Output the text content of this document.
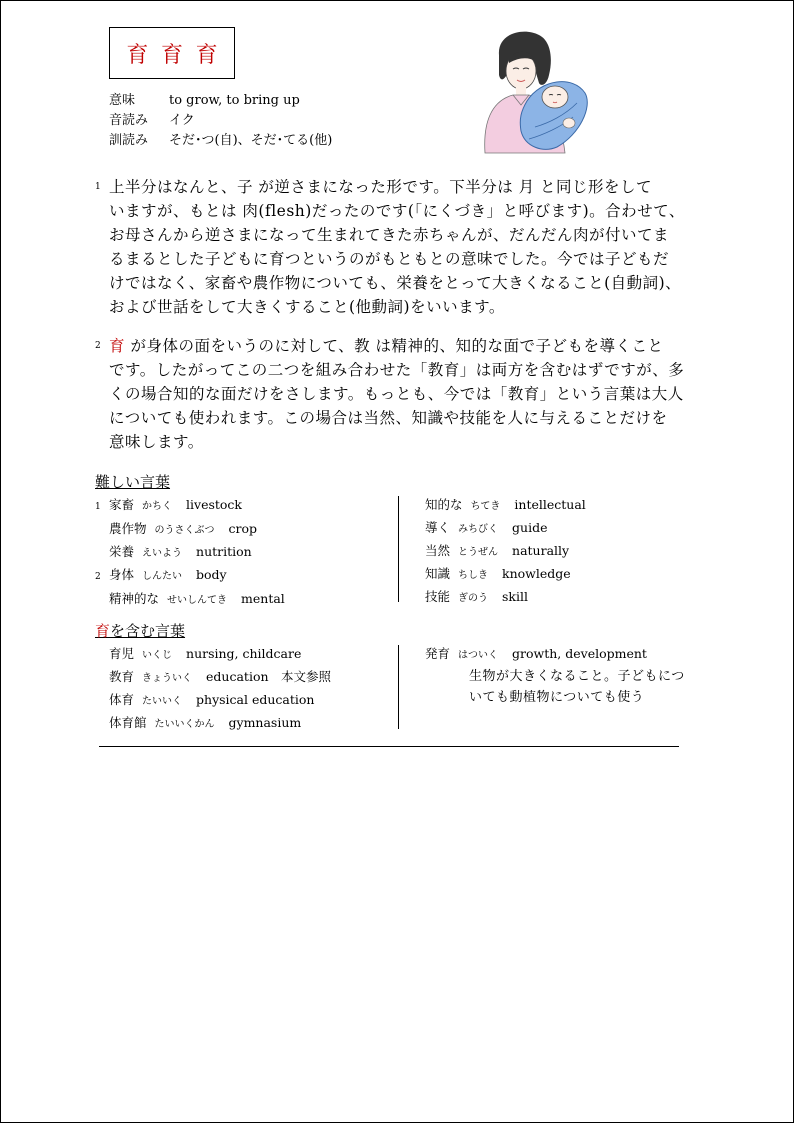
育 育 育
意味	to grow, to bring up
音読み	イク
訓読み	そだ･つ(自)、そだ･てる(他)
1 上半分はなんと、子 が逆さまになった形です。下半分は 月 と同じ形をして
いますが、もとは 肉(flesh)だったのです(「にくづき」と呼びます)。合わせて、
お母さんから逆さまになって生まれてきた赤ちゃんが、だんだん肉が付いてま
るまるとした子どもに育つというのがもともとの意味でした。今では子どもだ
けではなく、家畜や農作物についても、栄養をとって大きくなること(自動詞)、
および世話をして大きくすること(他動詞)をいいます。
2 育 が身体の面をいうのに対して、教 は精神的、知的な面で子どもを導くこと
です。したがってこの二つを組み合わせた「教育」は両方を含むはずですが、多
くの場合知的な面だけをさします。もっとも、今では「教育」という言葉は大人
についても使われます。この場合は当然、知識や技能を人に与えることだけを
意味します。
難しい言葉
1 家畜 かちく livestock
農作物 のうさくぶつ crop
栄養 えいよう nutrition
2 身体 しんたい body
精神的な せいしんてき mental
知的な ちてき intellectual
導く みちびく guide
当然 とうぜん naturally
知識 ちしき knowledge
技能 ぎのう skill
育を含む言葉
育児 いくじ nursing, childcare
教育 きょういく education　本文参照
体育 たいいく physical education
体育館 たいいくかん gymnasium
発育 はついく growth, development
生物が大きくなること。子どもにつ
いても動植物についても使う
